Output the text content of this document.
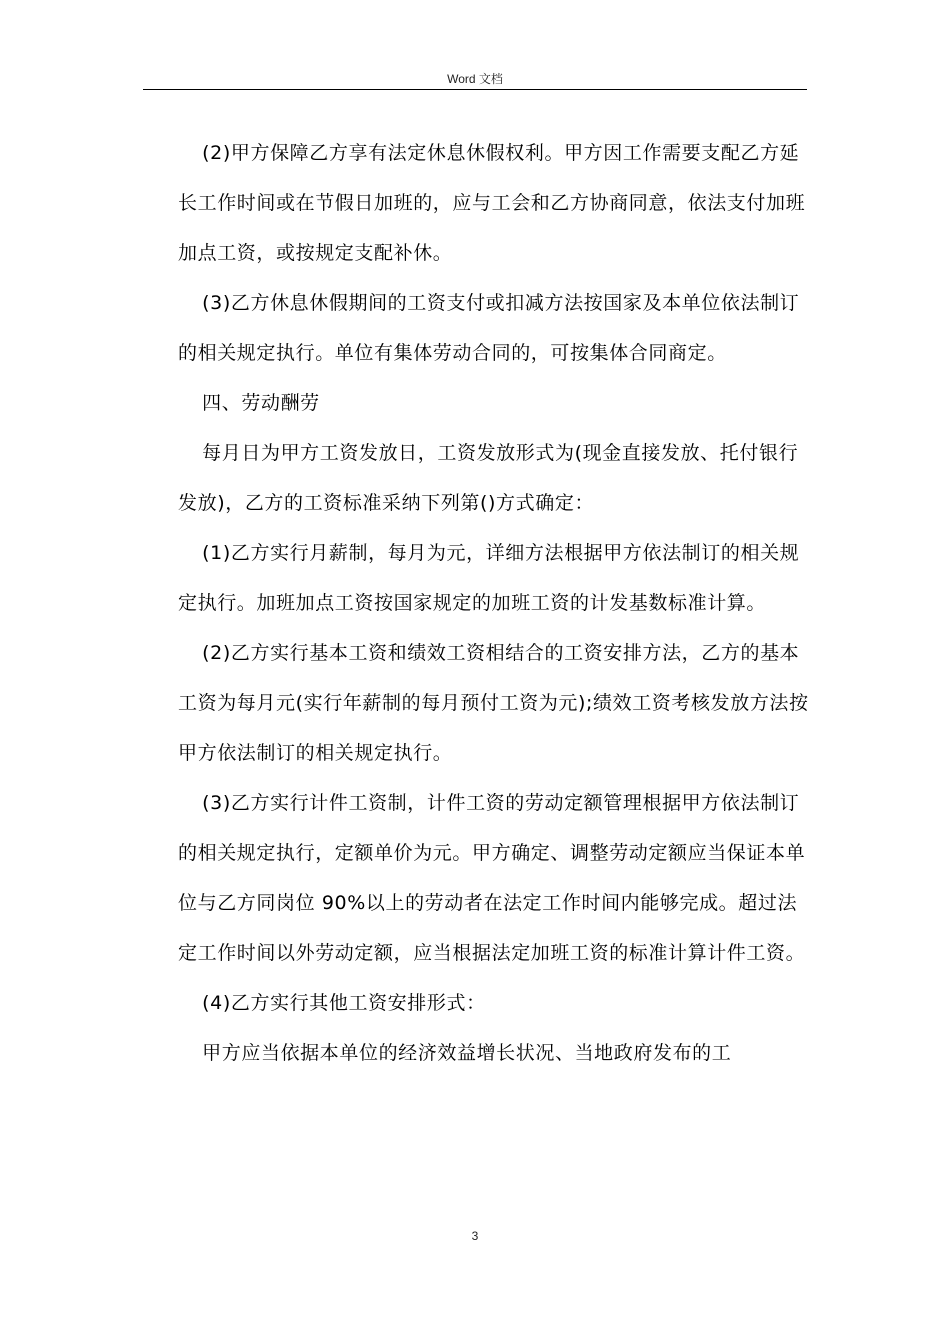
Word 文档

(2)甲方保障乙方享有法定休息休假权利。甲方因工作需要支配乙方延长工作时间或在节假日加班的，应与工会和乙方协商同意，依法支付加班加点工资，或按规定支配补休。

(3)乙方休息休假期间的工资支付或扣减方法按国家及本单位依法制订的相关规定执行。单位有集体劳动合同的，可按集体合同商定。

四、劳动酬劳

每月日为甲方工资发放日，工资发放形式为(现金直接发放、托付银行发放)，乙方的工资标准采纳下列第()方式确定：

(1)乙方实行月薪制，每月为元，详细方法根据甲方依法制订的相关规定执行。加班加点工资按国家规定的加班工资的计发基数标准计算。

(2)乙方实行基本工资和绩效工资相结合的工资安排方法，乙方的基本工资为每月元(实行年薪制的每月预付工资为元);绩效工资考核发放方法按甲方依法制订的相关规定执行。

(3)乙方实行计件工资制，计件工资的劳动定额管理根据甲方依法制订的相关规定执行，定额单价为元。甲方确定、调整劳动定额应当保证本单位与乙方同岗位 90%以上的劳动者在法定工作时间内能够完成。超过法定工作时间以外劳动定额，应当根据法定加班工资的标准计算计件工资。

(4)乙方实行其他工资安排形式：

甲方应当依据本单位的经济效益增长状况、当地政府发布的工

3
